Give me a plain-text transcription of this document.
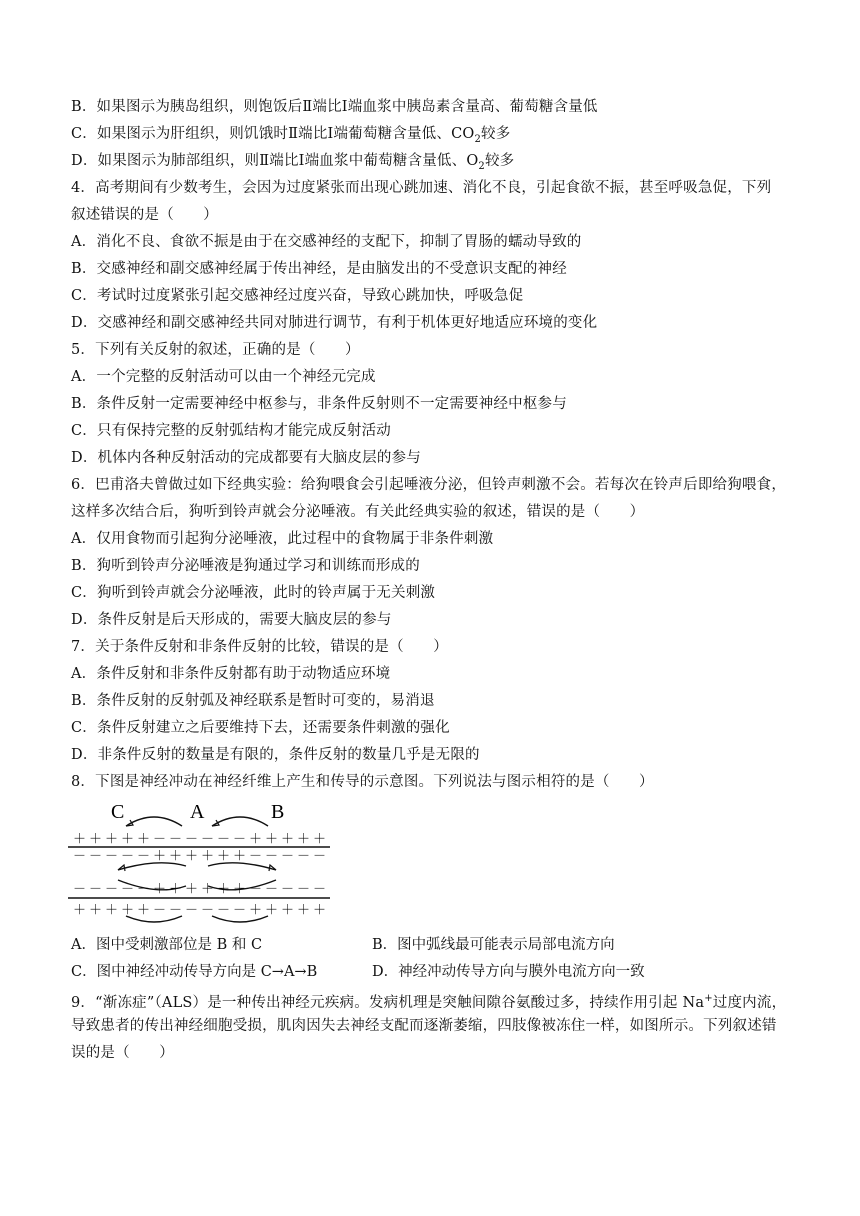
B．如果图示为胰岛组织，则饱饭后Ⅱ端比Ⅰ端血浆中胰岛素含量高、葡萄糖含量低
C．如果图示为肝组织，则饥饿时Ⅱ端比Ⅰ端葡萄糖含量低、$CO_2$较多
D．如果图示为肺部组织，则Ⅱ端比Ⅰ端血浆中葡萄糖含量低、$O_2$较多
4．高考期间有少数考生，会因为过度紧张而出现心跳加速、消化不良，引起食欲不振，甚至呼吸急促，下列
叙述错误的是（　　）
A．消化不良、食欲不振是由于在交感神经的支配下，抑制了胃肠的蠕动导致的
B．交感神经和副交感神经属于传出神经，是由脑发出的不受意识支配的神经
C．考试时过度紧张引起交感神经过度兴奋，导致心跳加快，呼吸急促
D．交感神经和副交感神经共同对肺进行调节，有利于机体更好地适应环境的变化
5．下列有关反射的叙述，正确的是（　　）
A．一个完整的反射活动可以由一个神经元完成
B．条件反射一定需要神经中枢参与，非条件反射则不一定需要神经中枢参与
C．只有保持完整的反射弧结构才能完成反射活动
D．机体内各种反射活动的完成都要有大脑皮层的参与
6．巴甫洛夫曾做过如下经典实验：给狗喂食会引起唾液分泌，但铃声刺激不会。若每次在铃声后即给狗喂食，
这样多次结合后，狗听到铃声就会分泌唾液。有关此经典实验的叙述，错误的是（　　）
A．仅用食物而引起狗分泌唾液，此过程中的食物属于非条件刺激
B．狗听到铃声分泌唾液是狗通过学习和训练而形成的
C．狗听到铃声就会分泌唾液，此时的铃声属于无关刺激
D．条件反射是后天形成的，需要大脑皮层的参与
7．关于条件反射和非条件反射的比较，错误的是（　　）
A．条件反射和非条件反射都有助于动物适应环境
B．条件反射的反射弧及神经联系是暂时可变的，易消退
C．条件反射建立之后要维持下去，还需要条件刺激的强化
D．非条件反射的数量是有限的，条件反射的数量几乎是无限的
8．下图是神经冲动在神经纤维上产生和传导的示意图。下列说法与图示相符的是（　　）
C	A	B
＋＋＋＋＋－－－－－－＋＋＋＋＋
－－－－－＋＋＋＋＋＋－－－－－
－－－－－＋＋＋＋＋＋－－－－－
＋＋＋＋＋－－－－－－＋＋＋＋＋
A．图中受刺激部位是 B 和 C	B．图中弧线最可能表示局部电流方向
C．图中神经冲动传导方向是 C→A→B	D．神经冲动传导方向与膜外电流方向一致
9．“渐冻症”（ALS）是一种传出神经元疾病。发病机理是突触间隙谷氨酸过多，持续作用引起 Na+过度内流，
导致患者的传出神经细胞受损，肌肉因失去神经支配而逐渐萎缩，四肢像被冻住一样，如图所示。下列叙述错
误的是（　　）
